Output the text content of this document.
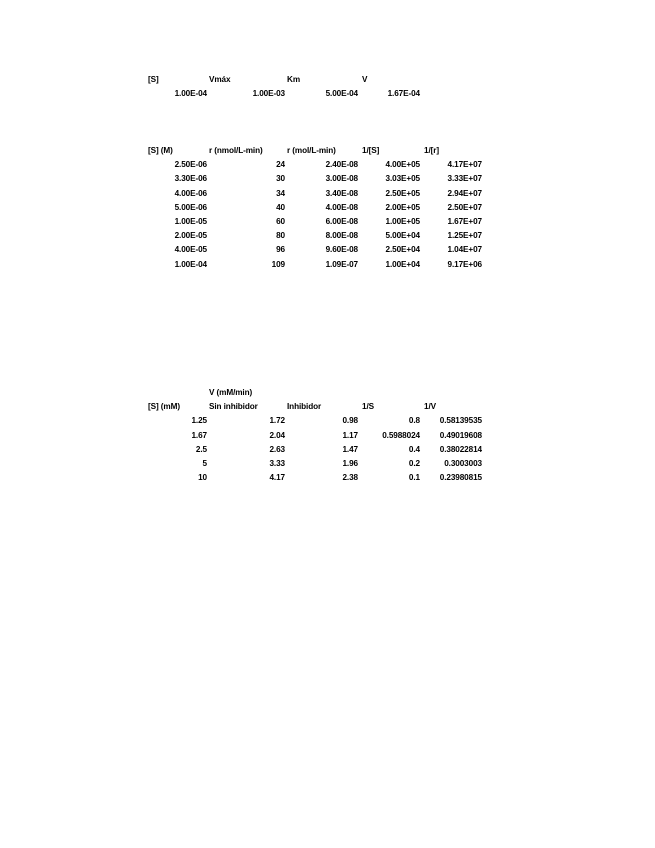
[S]	Vmáx	Km	V
1.00E-04	1.00E-03	5.00E-04	1.67E-04
[S] (M)	r (nmol/L-min)	r (mol/L-min)	1/[S]	1/[r]
2.50E-06	24	2.40E-08	4.00E+05	4.17E+07
3.30E-06	30	3.00E-08	3.03E+05	3.33E+07
4.00E-06	34	3.40E-08	2.50E+05	2.94E+07
5.00E-06	40	4.00E-08	2.00E+05	2.50E+07
1.00E-05	60	6.00E-08	1.00E+05	1.67E+07
2.00E-05	80	8.00E-08	5.00E+04	1.25E+07
4.00E-05	96	9.60E-08	2.50E+04	1.04E+07
1.00E-04	109	1.09E-07	1.00E+04	9.17E+06
V (mM/min)
[S] (mM)	Sin inhibidor	Inhibidor	1/S	1/V
1.25	1.72	0.98	0.8 0.58139535
1.67	2.04	1.17	0.5988024 0.49019608
2.5	2.63	1.47	0.4 0.38022814
5	3.33	1.96	0.2	0.3003003
10	4.17	2.38	0.1 0.23980815
